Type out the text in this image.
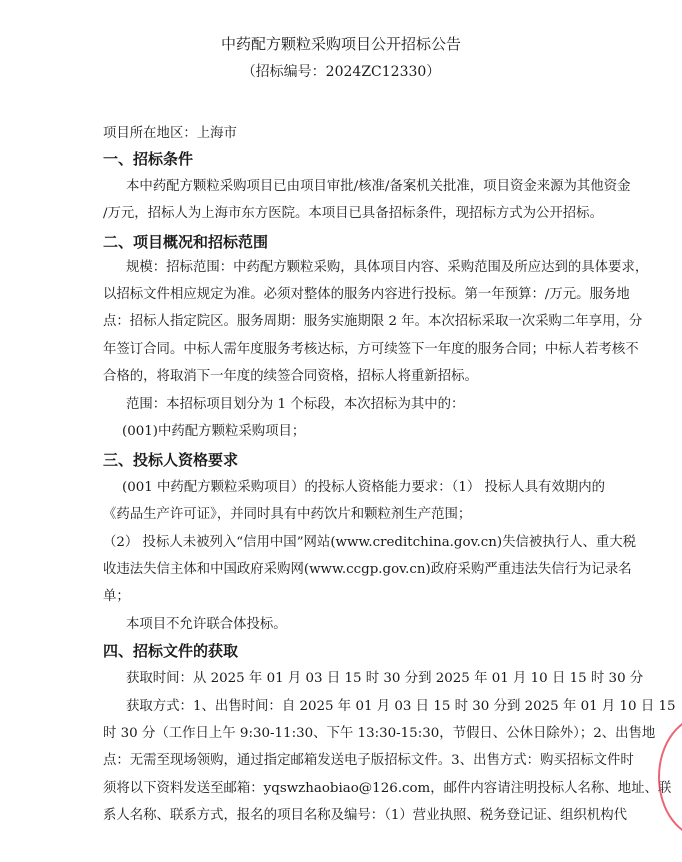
中药配方颗粒采购项目公开招标公告
（招标编号：2024ZC12330）
项目所在地区：上海市
一、招标条件
本中药配方颗粒采购项目已由项目审批/核准/备案机关批准，项目资金来源为其他资金
/万元，招标人为上海市东方医院。本项目已具备招标条件，现招标方式为公开招标。
二、项目概况和招标范围
规模：招标范围：中药配方颗粒采购，具体项目内容、采购范围及所应达到的具体要求，
以招标文件相应规定为准。必须对整体的服务内容进行投标。第一年预算：/万元。服务地
点：招标人指定院区。服务周期：服务实施期限 2 年。本次招标采取一次采购二年享用，分
年签订合同。中标人需年度服务考核达标，方可续签下一年度的服务合同；中标人若考核不
合格的，将取消下一年度的续签合同资格，招标人将重新招标。
范围：本招标项目划分为 1 个标段，本次招标为其中的：
(001)中药配方颗粒采购项目；
三、投标人资格要求
(001 中药配方颗粒采购项目）的投标人资格能力要求：（1） 投标人具有效期内的
《药品生产许可证》，并同时具有中药饮片和颗粒剂生产范围；
（2） 投标人未被列入“信用中国”网站(www.creditchina.gov.cn)失信被执行人、重大税
收违法失信主体和中国政府采购网(www.ccgp.gov.cn)政府采购严重违法失信行为记录名
单；
本项目不允许联合体投标。
四、招标文件的获取
获取时间：从 2025 年 01 月 03 日 15 时 30 分到 2025 年 01 月 10 日 15 时 30 分
获取方式：1、出售时间：自 2025 年 01 月 03 日 15 时 30 分到 2025 年 01 月 10 日 15
时 30 分（工作日上午 9:30-11:30、下午 13:30-15:30，节假日、公休日除外）；2、出售地
点：无需至现场领购，通过指定邮箱发送电子版招标文件。3、出售方式：购买招标文件时
须将以下资料发送至邮箱：yqswzhaobiao@126.com，邮件内容请注明投标人名称、地址、联
系人名称、联系方式，报名的项目名称及编号：（1）营业执照、税务登记证、组织机构代
